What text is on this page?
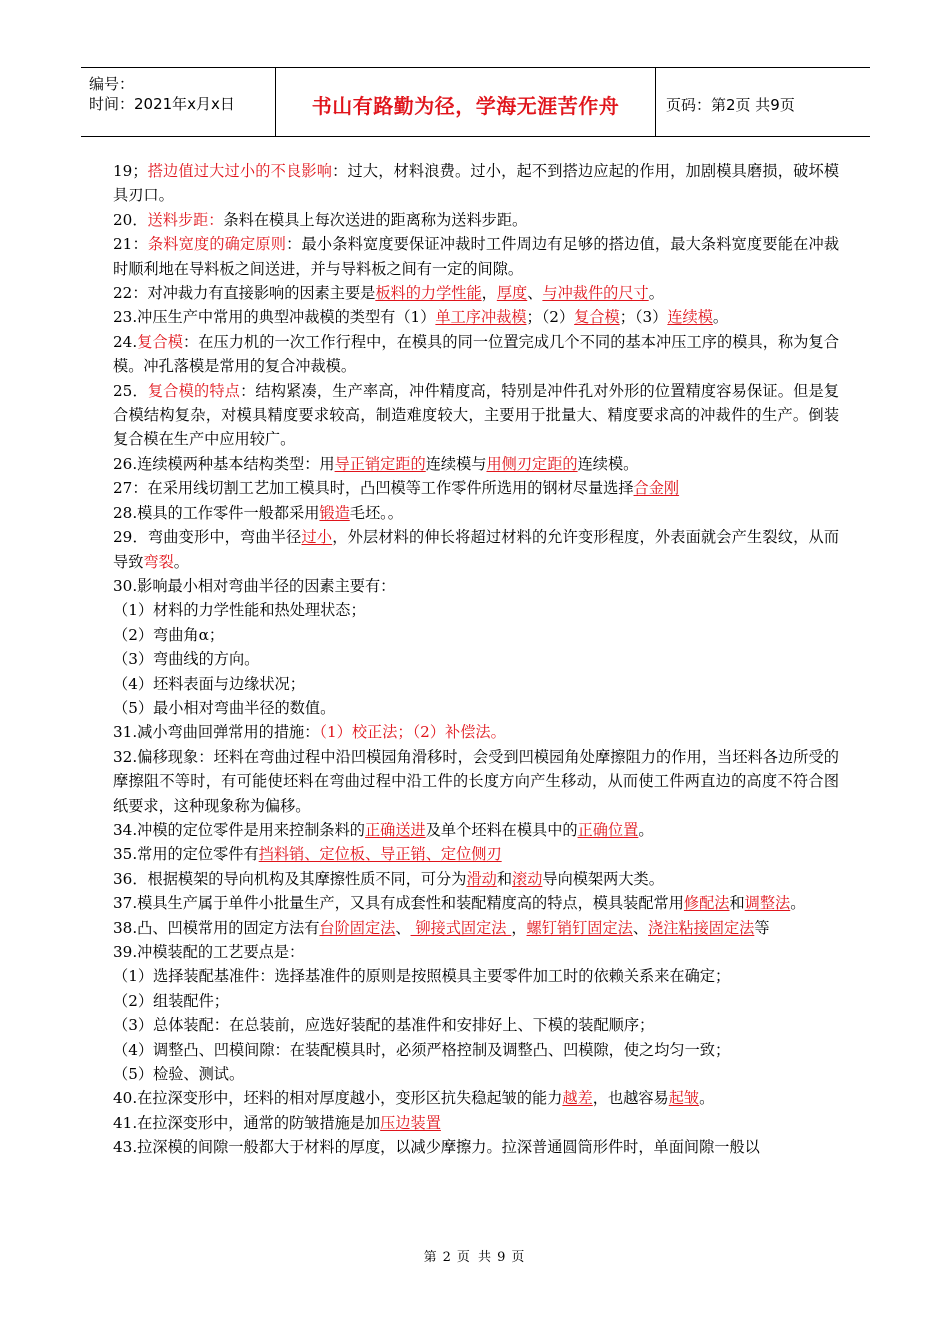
编号：
时间：2021年x月x日	书山有路勤为径，学海无涯苦作舟	页码：第2页 共9页

19；搭边值过大过小的不良影响：过大，材料浪费。过小，起不到搭边应起的作用，加剧模具磨损，破坏模具刃口。

20．送料步距：条料在模具上每次送进的距离称为送料步距。

21：条料宽度的确定原则：最小条料宽度要保证冲裁时工件周边有足够的搭边值，最大条料宽度要能在冲裁时顺利地在导料板之间送进，并与导料板之间有一定的间隙。

22：对冲裁力有直接影响的因素主要是板料的力学性能，厚度、与冲裁件的尺寸。

23.冲压生产中常用的典型冲裁模的类型有（1）单工序冲裁模；（2）复合模；（3）连续模。

24.复合模：在压力机的一次工作行程中，在模具的同一位置完成几个不同的基本冲压工序的模具，称为复合模。冲孔落模是常用的复合冲裁模。

25．复合模的特点：结构紧凑，生产率高，冲件精度高，特别是冲件孔对外形的位置精度容易保证。但是复合模结构复杂，对模具精度要求较高，制造难度较大，主要用于批量大、精度要求高的冲裁件的生产。倒装复合模在生产中应用较广。

26.连续模两种基本结构类型：用导正销定距的连续模与用侧刃定距的连续模。

27：在采用线切割工艺加工模具时，凸凹模等工作零件所选用的钢材尽量选择合金刚

28.模具的工作零件一般都采用锻造毛坯。。

29．弯曲变形中，弯曲半径过小，外层材料的伸长将超过材料的允许变形程度，外表面就会产生裂纹，从而导致弯裂。

30.影响最小相对弯曲半径的因素主要有：

（1）材料的力学性能和热处理状态；

（2）弯曲角α；

（3）弯曲线的方向。

（4）坯料表面与边缘状况；

（5）最小相对弯曲半径的数值。

31.减小弯曲回弹常用的措施：（1）校正法；（2）补偿法。

32.偏移现象：坯料在弯曲过程中沿凹模园角滑移时，会受到凹模园角处摩擦阻力的作用，当坯料各边所受的摩擦阻不等时，有可能使坯料在弯曲过程中沿工件的长度方向产生移动，从而使工件两直边的高度不符合图纸要求，这种现象称为偏移。

34.冲模的定位零件是用来控制条料的正确送进及单个坯料在模具中的正确位置。

35.常用的定位零件有挡料销、定位板、导正销、定位侧刃

36．根据模架的导向机构及其摩擦性质不同，可分为滑动和滚动导向模架两大类。

37.模具生产属于单件小批量生产，又具有成套性和装配精度高的特点，模具装配常用修配法和调整法。

38.凸、凹模常用的固定方法有台阶固定法、 铆接式固定法 ，螺钉销钉固定法、浇注粘接固定法等

39.冲模装配的工艺要点是：

（1）选择装配基准件：选择基准件的原则是按照模具主要零件加工时的依赖关系来在确定；

（2）组装配件；

（3）总体装配：在总装前，应选好装配的基准件和安排好上、下模的装配顺序；

（4）调整凸、凹模间隙：在装配模具时，必须严格控制及调整凸、凹模隙，使之均匀一致；

（5）检验、测试。

40.在拉深变形中，坯料的相对厚度越小，变形区抗失稳起皱的能力越差，也越容易起皱。

41.在拉深变形中，通常的防皱措施是加压边装置

43.拉深模的间隙一般都大于材料的厚度，以减少摩擦力。拉深普通圆筒形件时，单面间隙一般以

第 2 页 共 9 页
